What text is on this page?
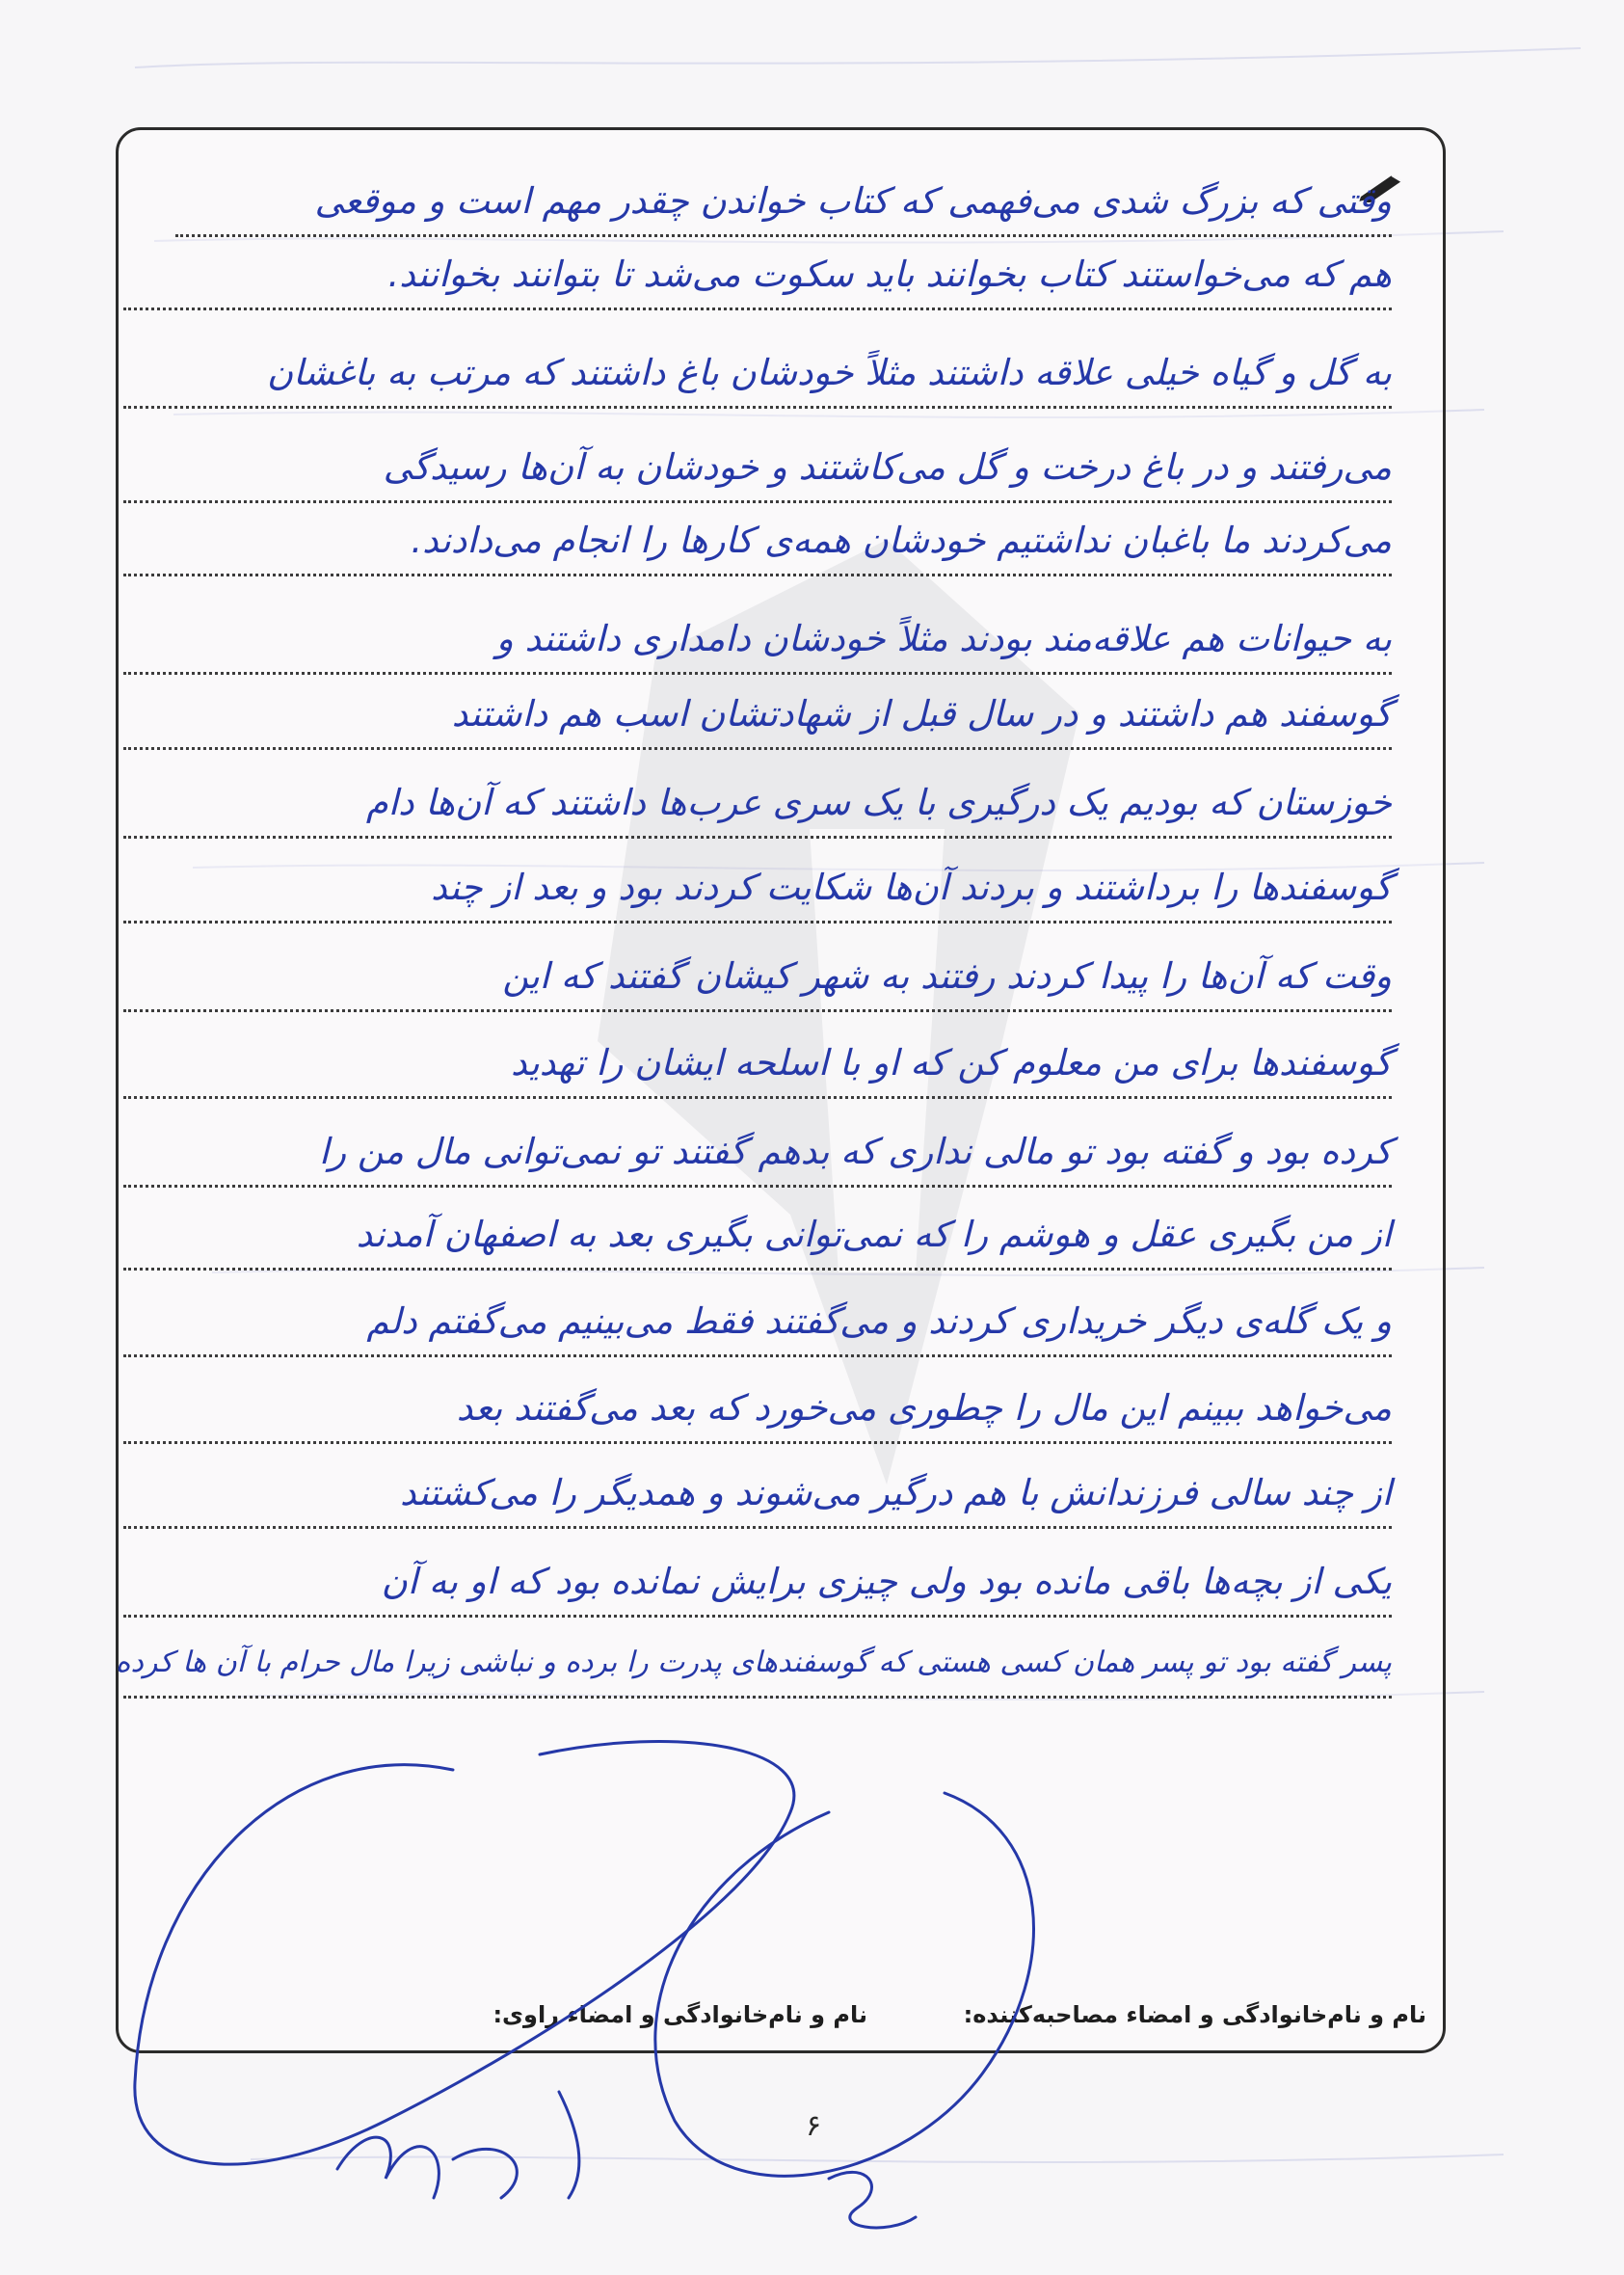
وقتی که بزرگ شدی می‌فهمی که کتاب خواندن چقدر مهم است و موقعی
هم که می‌خواستند کتاب بخوانند باید سکوت می‌شد تا بتوانند بخوانند.
به گل و گیاه خیلی علاقه داشتند مثلاً خودشان باغ داشتند که مرتب به باغشان
می‌رفتند و در باغ درخت و گل می‌کاشتند و خودشان به آن‌ها رسیدگی
می‌کردند ما باغبان نداشتیم خودشان همه‌ی کارها را انجام می‌دادند.
به حیوانات هم علاقه‌مند بودند مثلاً خودشان دامداری داشتند و
گوسفند هم داشتند و در سال قبل از شهادتشان اسب هم داشتند
خوزستان که بودیم یک درگیری با یک سری عرب‌ها داشتند که آن‌ها دام
گوسفندها را برداشتند و بردند آن‌ها شکایت کردند بود و بعد از چند
وقت که آن‌ها را پیدا کردند رفتند به شهر کیشان گفتند که این
گوسفندها برای من معلوم کن که او با اسلحه ایشان را تهدید
کرده بود و گفته بود تو مالی نداری که بدهم گفتند تو نمی‌توانی مال من را
از من بگیری عقل و هوشم را که نمی‌توانی بگیری بعد به اصفهان آمدند
و یک گله‌ی دیگر خریداری کردند و می‌گفتند فقط می‌بینیم می‌گفتم دلم
می‌خواهد ببینم این مال را چطوری می‌خورد که بعد می‌گفتند بعد
از چند سالی فرزندانش با هم درگیر می‌شوند و همدیگر را می‌کشتند
یکی از بچه‌ها باقی مانده بود ولی چیزی برایش نمانده بود که او به آن
پسر گفته بود تو پسر همان کسی هستی که گوسفندهای پدرت را برده و نباشی زیرا مال حرام با آن ها کرده
نام و نام‌خانوادگی و امضاء مصاحبه‌کننده:
نام و نام‌خانوادگی و امضاء راوی:
۶
